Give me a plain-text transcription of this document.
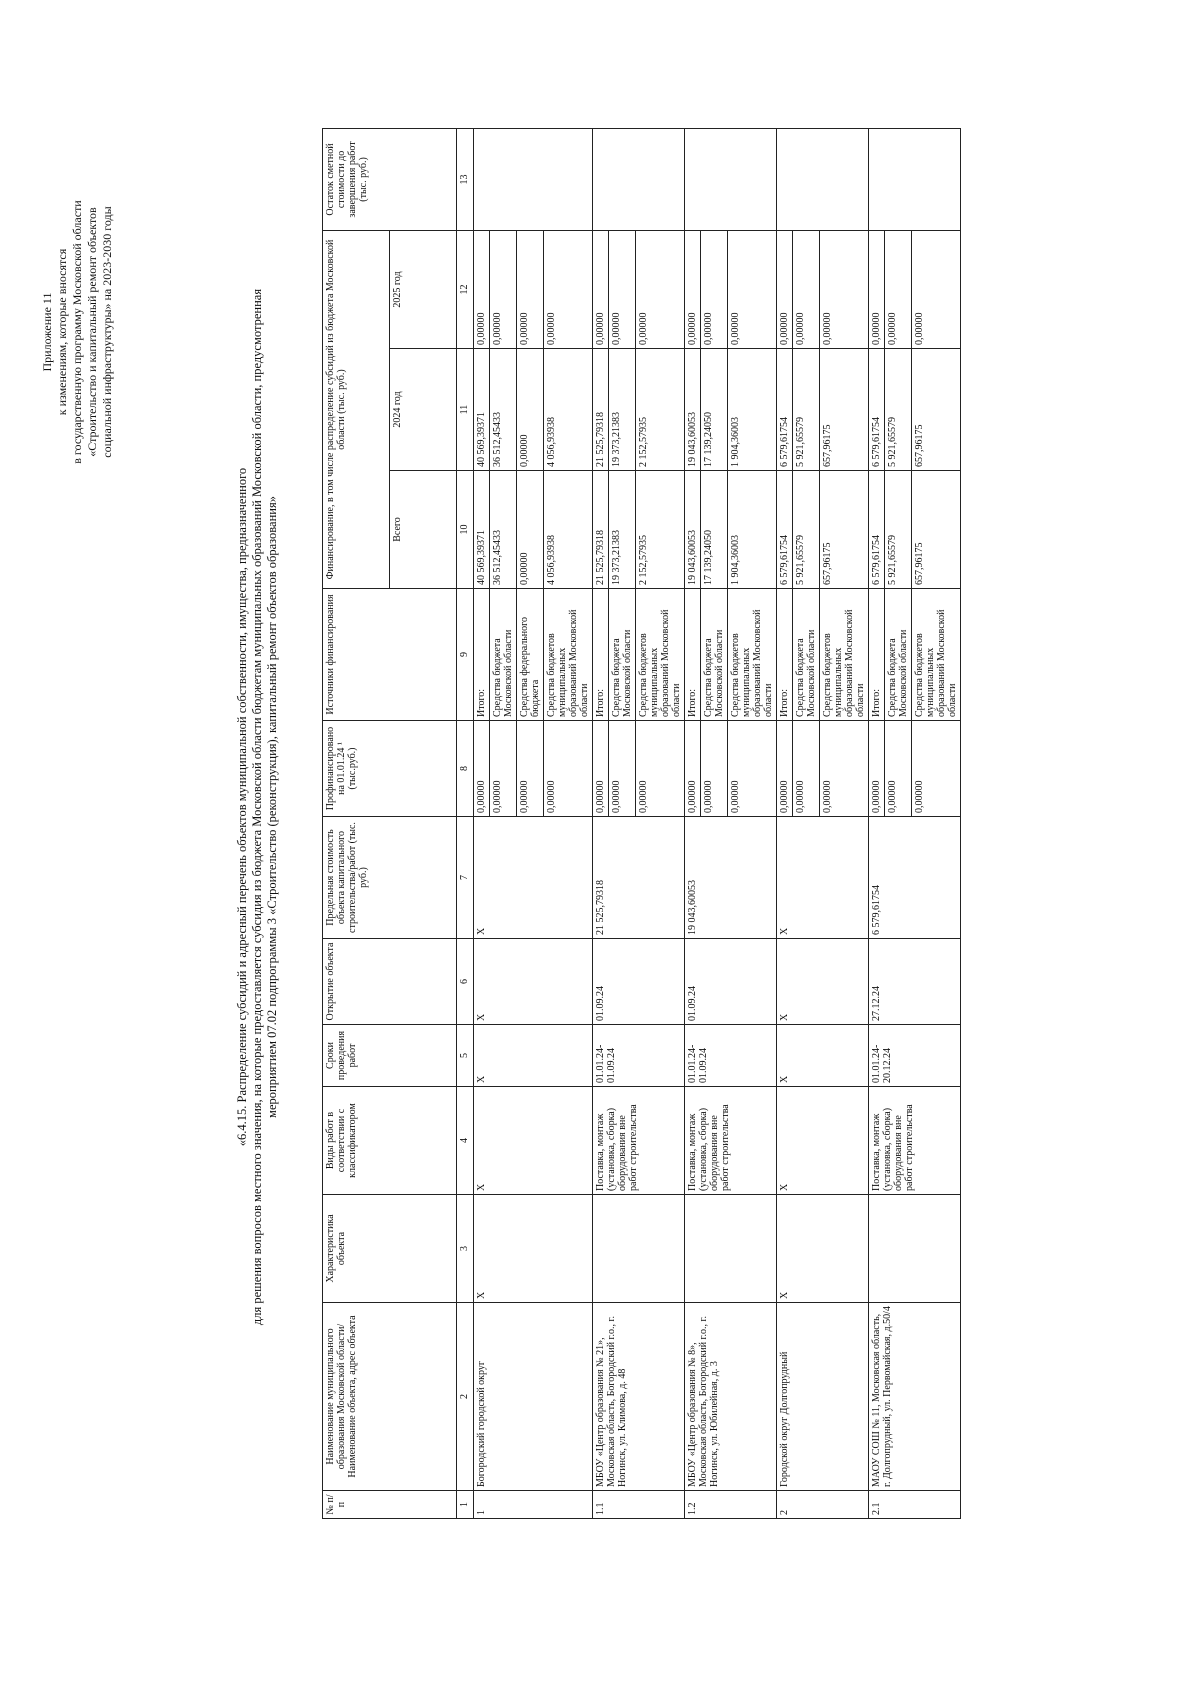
Приложение 11 к изменениям, которые вносятся в государственную программу Московской области «Строительство и капитальный ремонт объектов социальной инфраструктуры» на 2023-2030 годы
«6.4.15. Распределение субсидий и адресный перечень объектов муниципальной собственности, имущества, предназначенного для решения вопросов местного значения, на которые предоставляется субсидия из бюджета Московской области бюджетам муниципальных образований Московской области, предусмотренная мероприятием 07.02 подпрограммы 3 «Строительство (реконструкция), капитальный ремонт объектов образования»
№ п/п	Наименование муниципального образования Московской области/ Наименование объекта, адрес объекта	Характеристика объекта	Виды работ в соответствии с классификатором	Сроки проведения работ	Открытие объекта	Предельная стоимость объекта капитального строительства/работ (тыс. руб.)	Профинансировано на 01.01.24 ¹ (тыс.руб.)	Источники финансирования	Финансирование, в том числе распределение субсидий из бюджета Московской области (тыс. руб.)			Остаток сметной стоимости до завершения работ (тыс. руб.)
									Всего	2024 год	2025 год	
1	2	3	4	5	6	7	8	9	10	11	12	13
1	Богородский городской округ	Х	Х	Х	Х	Х	0,00000	Итого:	40 569,39371	40 569,39371	0,00000	
							0,00000	Средства бюджета Московской области	36 512,45433	36 512,45433	0,00000	
							0,00000	Средства федерального бюджета	0,00000	0,00000	0,00000	
							0,00000	Средства бюджетов муниципальных образований Московской области	4 056,93938	4 056,93938	0,00000	
1.1	МБОУ «Центр образования № 21», Московская область, Богородский г.о., г. Ногинск, ул. Климова, д. 48		Поставка, монтаж (установка, сборка) оборудования вне работ строительства	01.01.24-01.09.24	01.09.24	21 525,79318	0,00000	Итого:	21 525,79318	21 525,79318	0,00000	
							0,00000	Средства бюджета Московской области	19 373,21383	19 373,21383	0,00000	
							0,00000	Средства бюджетов муниципальных образований Московской области	2 152,57935	2 152,57935	0,00000	
1.2	МБОУ «Центр образования № 8», Московская область, Богородский г.о., г. Ногинск, ул. Юбилейная, д. 3		Поставка, монтаж (установка, сборка) оборудования вне работ строительства	01.01.24-01.09.24	01.09.24	19 043,60053	0,00000	Итого:	19 043,60053	19 043,60053	0,00000	
							0,00000	Средства бюджета Московской области	17 139,24050	17 139,24050	0,00000	
							0,00000	Средства бюджетов муниципальных образований Московской области	1 904,36003	1 904,36003	0,00000	
2	Городской округ Долгопрудный	Х	Х	Х	Х	Х	0,00000	Итого:	6 579,61754	6 579,61754	0,00000	
							0,00000	Средства бюджета Московской области	5 921,65579	5 921,65579	0,00000	
							0,00000	Средства бюджетов муниципальных образований Московской области	657,96175	657,96175	0,00000	
2.1	МАОУ СОШ № 11, Московская область, г. Долгопрудный, ул. Первомайская, д.50/4		Поставка, монтаж (установка, сборка) оборудования вне работ строительства	01.01.24-20.12.24	27.12.24	6 579,61754	0,00000	Итого:	6 579,61754	6 579,61754	0,00000	
							0,00000	Средства бюджета Московской области	5 921,65579	5 921,65579	0,00000	
							0,00000	Средства бюджетов муниципальных образований Московской области	657,96175	657,96175	0,00000	
